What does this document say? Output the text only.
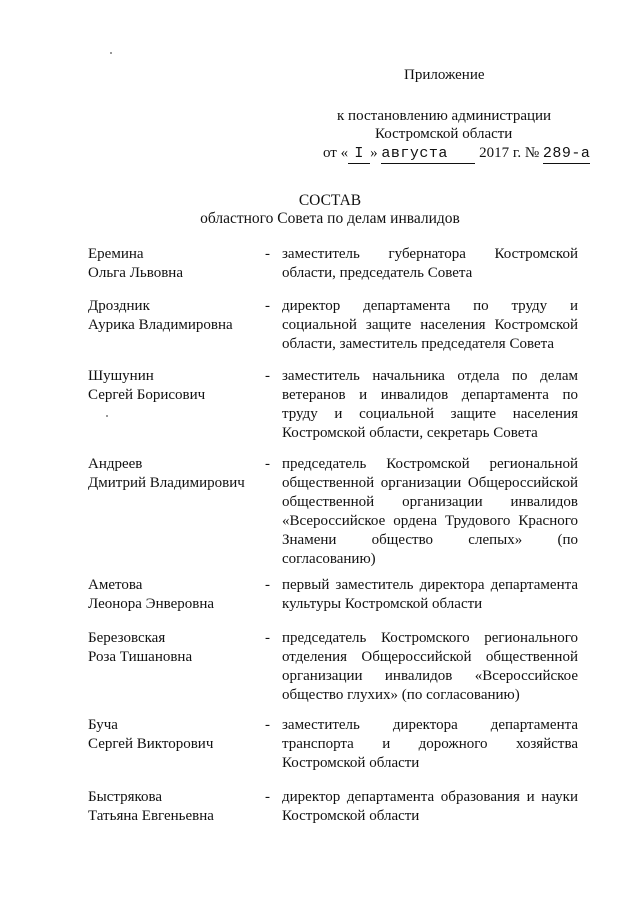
Приложение
к постановлению администрации
Костромской области
от « I » августа 2017 г. № 289-а
СОСТАВ
областного Совета по делам инвалидов
Еремина
Ольга Львовна
- заместитель губернатора Костромской
области, председатель Совета
Дроздник
Аурика Владимировна
- директор департамента по труду и
социальной защите населения Костромской
области, заместитель председателя Совета
Шушунин
Сергей Борисович
- заместитель начальника отдела по делам
ветеранов и инвалидов департамента по
труду и социальной защите населения
Костромской области, секретарь Совета
Андреев
Дмитрий Владимирович
- председатель Костромской региональной
общественной организации Общероссийской
общественной организации инвалидов
«Всероссийское ордена Трудового Красного
Знамени общество слепых» (по
согласованию)
Аметова
Леонора Энверовна
- первый заместитель директора департамента
культуры Костромской области
Березовская
Роза Тишановна
- председатель Костромского регионального
отделения Общероссийской общественной
организации инвалидов «Всероссийское
общество глухих» (по согласованию)
Буча
Сергей Викторович
- заместитель директора департамента
транспорта и дорожного хозяйства
Костромской области
Быстрякова
Татьяна Евгеньевна
- директор департамента образования и науки
Костромской области
